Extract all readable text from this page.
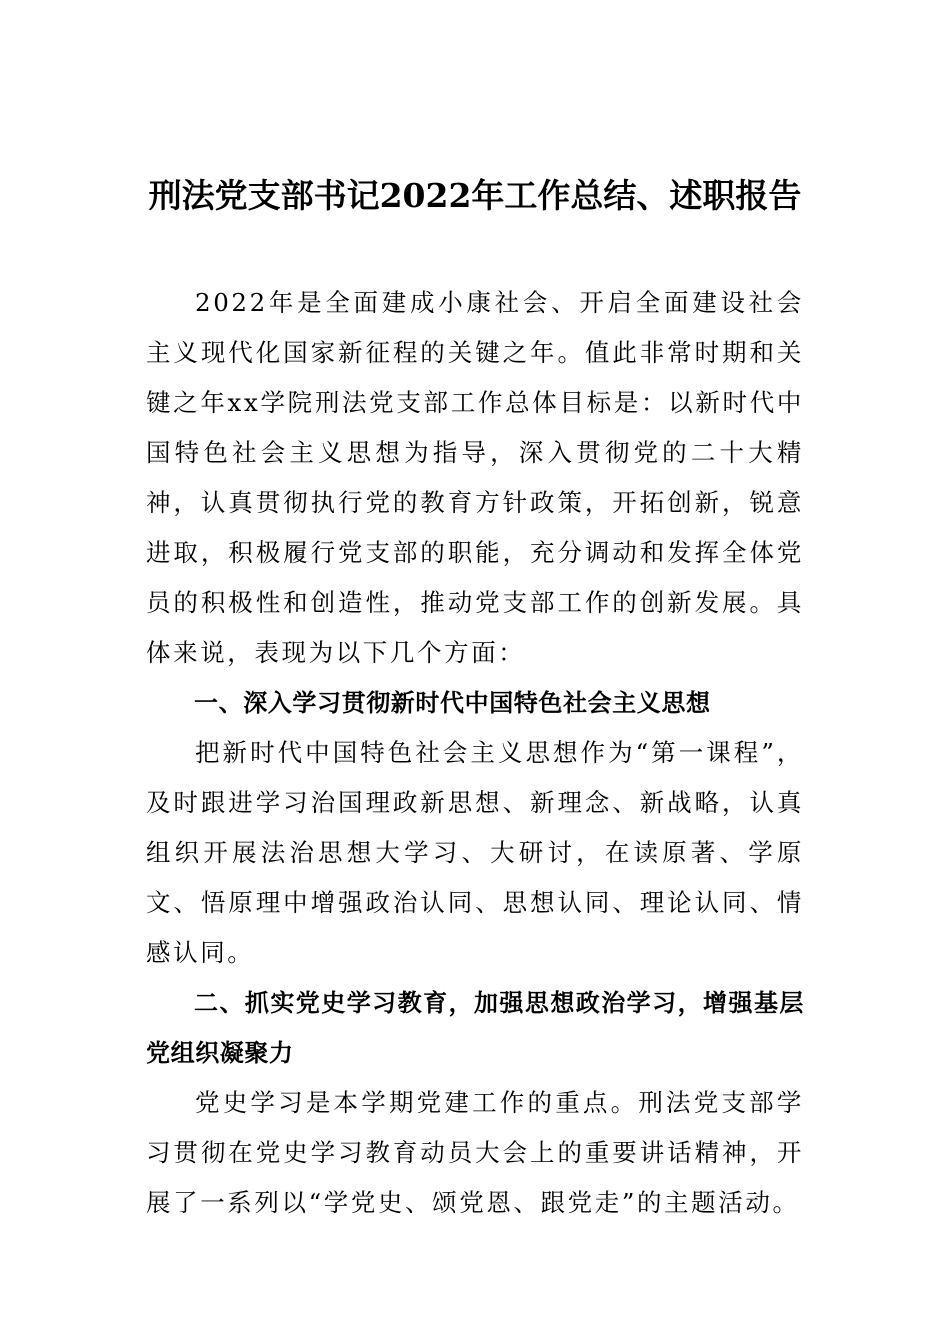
刑法党支部书记2022年工作总结、述职报告

2022年是全面建成小康社会、开启全面建设社会主义现代化国家新征程的关键之年。值此非常时期和关键之年xx学院刑法党支部工作总体目标是：以新时代中国特色社会主义思想为指导，深入贯彻党的二十大精神，认真贯彻执行党的教育方针政策，开拓创新，锐意进取，积极履行党支部的职能，充分调动和发挥全体党员的积极性和创造性，推动党支部工作的创新发展。具体来说，表现为以下几个方面：

一、深入学习贯彻新时代中国特色社会主义思想

把新时代中国特色社会主义思想作为“第一课程”，及时跟进学习治国理政新思想、新理念、新战略，认真组织开展法治思想大学习、大研讨，在读原著、学原文、悟原理中增强政治认同、思想认同、理论认同、情感认同。

二、抓实党史学习教育，加强思想政治学习，增强基层党组织凝聚力

党史学习是本学期党建工作的重点。刑法党支部学习贯彻在党史学习教育动员大会上的重要讲话精神，开展了一系列以“学党史、颂党恩、跟党走”的主题活动。
